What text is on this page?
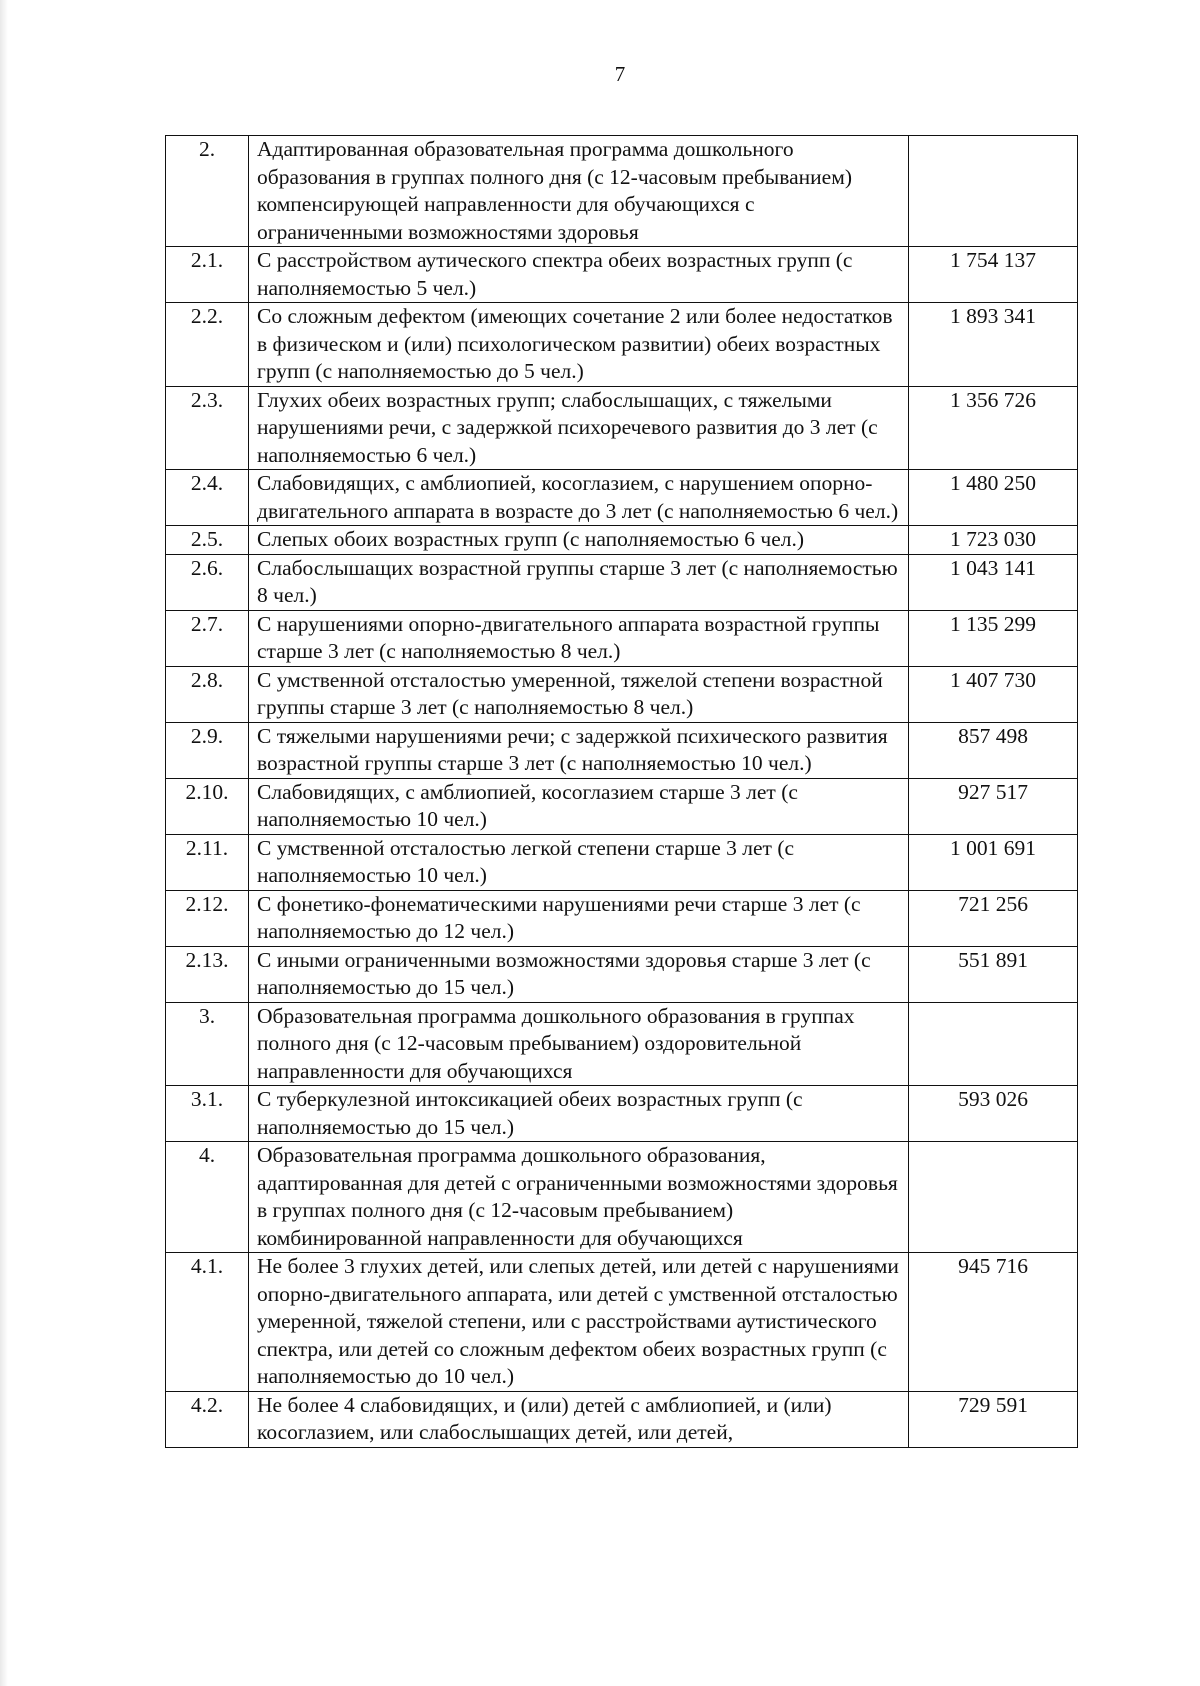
7
2.	Адаптированная образовательная программа дошкольного образования в группах полного дня (с 12-часовым пребыванием) компенсирующей направленности для обучающихся с ограниченными возможностями здоровья	
2.1.	С расстройством аутического спектра обеих возрастных групп (с наполняемостью 5 чел.)	1 754 137
2.2.	Со сложным дефектом (имеющих сочетание 2 или более недостатков в физическом и (или) психологическом развитии) обеих возрастных групп (с наполняемостью до 5 чел.)	1 893 341
2.3.	Глухих обеих возрастных групп; слабослышащих, с тяжелыми нарушениями речи, с задержкой психоречевого развития до 3 лет (с наполняемостью 6 чел.)	1 356 726
2.4.	Слабовидящих, с амблиопией, косоглазием, с нарушением опорно-двигательного аппарата в возрасте до 3 лет (с наполняемостью 6 чел.)	1 480 250
2.5.	Слепых обоих возрастных групп (с наполняемостью 6 чел.)	1 723 030
2.6.	Слабослышащих возрастной группы старше 3 лет (с наполняемостью 8 чел.)	1 043 141
2.7.	С нарушениями опорно-двигательного аппарата возрастной группы старше 3 лет (с наполняемостью 8 чел.)	1 135 299
2.8.	С умственной отсталостью умеренной, тяжелой степени возрастной группы старше 3 лет (с наполняемостью 8 чел.)	1 407 730
2.9.	С тяжелыми нарушениями речи; с задержкой психического развития возрастной группы старше 3 лет (с наполняемостью 10 чел.)	857 498
2.10.	Слабовидящих, с амблиопией, косоглазием старше 3 лет (с наполняемостью 10 чел.)	927 517
2.11.	С умственной отсталостью легкой степени старше 3 лет (с наполняемостью 10 чел.)	1 001 691
2.12.	С фонетико-фонематическими нарушениями речи старше 3 лет (с наполняемостью до 12 чел.)	721 256
2.13.	С иными ограниченными возможностями здоровья старше 3 лет (с наполняемостью до 15 чел.)	551 891
3.	Образовательная программа дошкольного образования в группах полного дня (с 12-часовым пребыванием) оздоровительной направленности для обучающихся	
3.1.	С туберкулезной интоксикацией обеих возрастных групп (с наполняемостью до 15 чел.)	593 026
4.	Образовательная программа дошкольного образования, адаптированная для детей с ограниченными возможностями здоровья в группах полного дня (с 12-часовым пребыванием) комбинированной направленности для обучающихся	
4.1.	Не более 3 глухих детей, или слепых детей, или детей с нарушениями опорно-двигательного аппарата, или детей с умственной отсталостью умеренной, тяжелой степени, или с расстройствами аутистического спектра, или детей со сложным дефектом обеих возрастных групп (с наполняемостью до 10 чел.)	945 716
4.2.	Не более 4 слабовидящих, и (или) детей с амблиопией, и (или) косоглазием, или слабослышащих детей, или детей,	729 591
